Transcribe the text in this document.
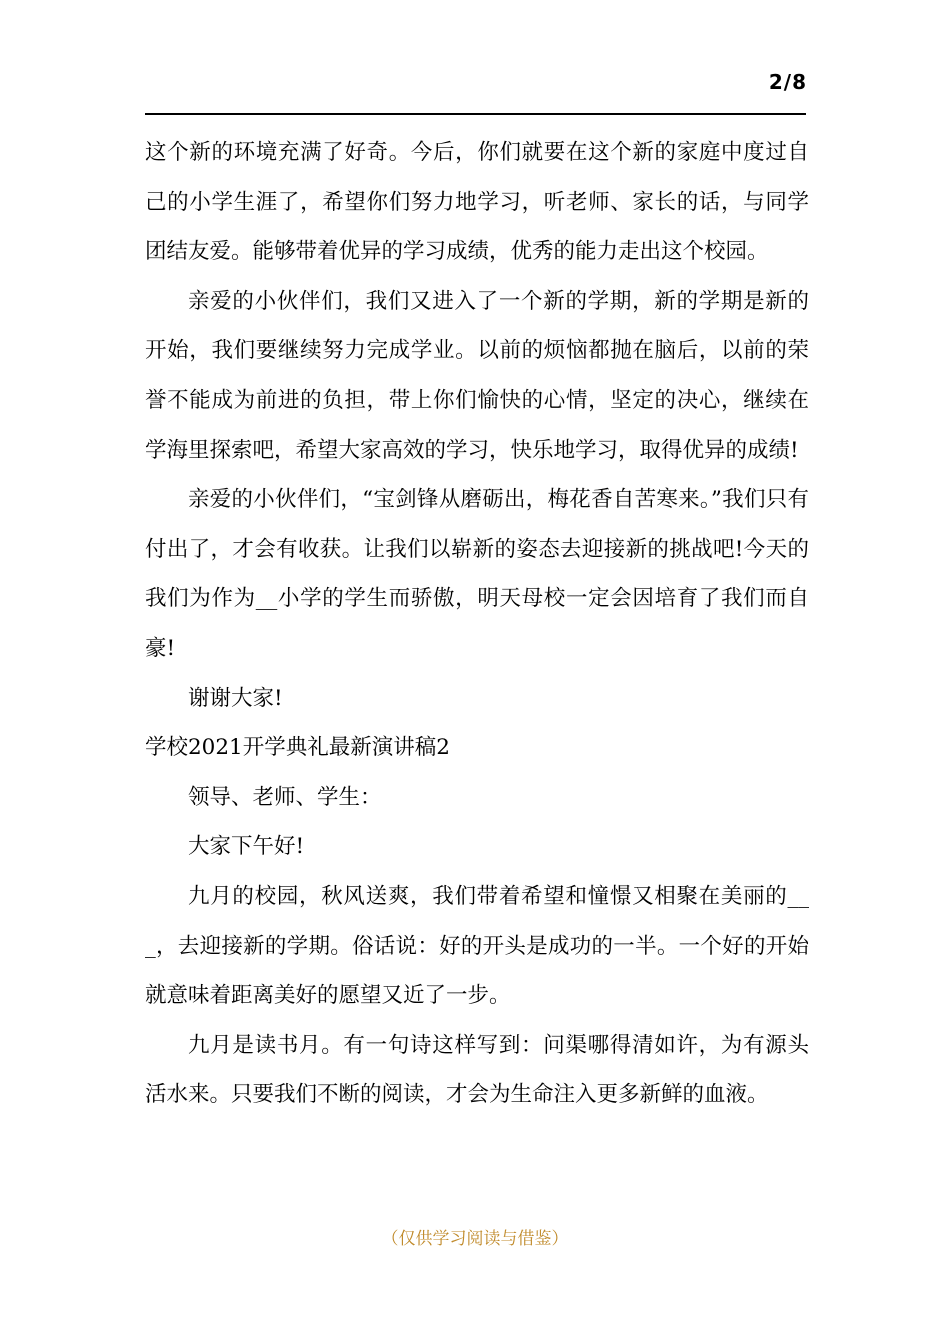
2/8

这个新的环境充满了好奇。今后，你们就要在这个新的家庭中度过自己的小学生涯了，希望你们努力地学习，听老师、家长的话，与同学团结友爱。能够带着优异的学习成绩，优秀的能力走出这个校园。

亲爱的小伙伴们，我们又进入了一个新的学期，新的学期是新的开始，我们要继续努力完成学业。以前的烦恼都抛在脑后，以前的荣誉不能成为前进的负担，带上你们愉快的心情，坚定的决心，继续在学海里探索吧，希望大家高效的学习，快乐地学习，取得优异的成绩!

亲爱的小伙伴们，“宝剑锋从磨砺出，梅花香自苦寒来。”我们只有付出了，才会有收获。让我们以崭新的姿态去迎接新的挑战吧!今天的我们为作为__小学的学生而骄傲，明天母校一定会因培育了我们而自豪!

谢谢大家!

学校2021开学典礼最新演讲稿2

领导、老师、学生：

大家下午好!

九月的校园，秋风送爽，我们带着希望和憧憬又相聚在美丽的___，去迎接新的学期。俗话说：好的开头是成功的一半。一个好的开始就意味着距离美好的愿望又近了一步。

九月是读书月。有一句诗这样写到：问渠哪得清如许，为有源头活水来。只要我们不断的阅读，才会为生命注入更多新鲜的血液。

（仅供学习阅读与借鉴）
